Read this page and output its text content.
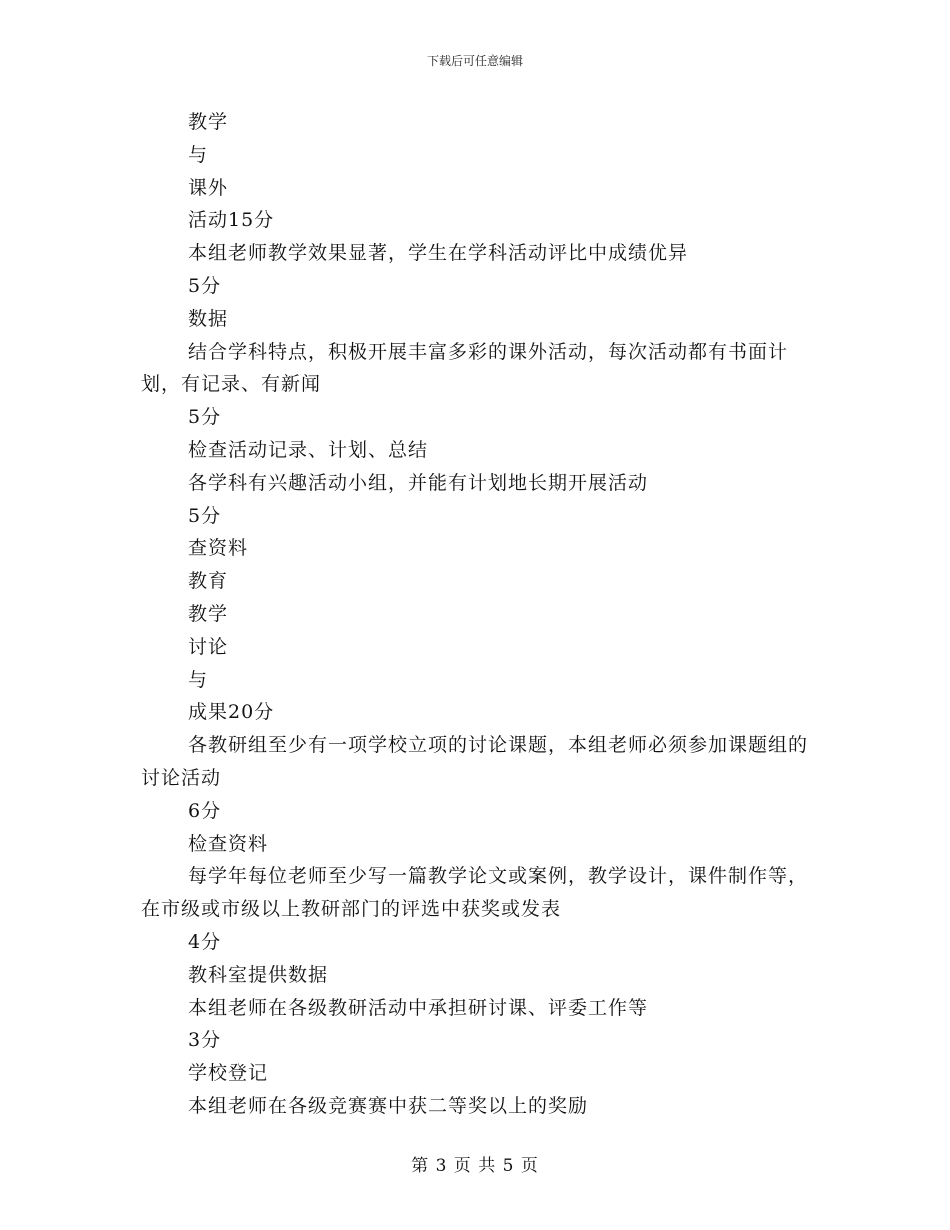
下载后可任意编辑

教学

与

课外

活动15分

本组老师教学效果显著，学生在学科活动评比中成绩优异

5分

数据

结合学科特点，积极开展丰富多彩的课外活动，每次活动都有书面计划，有记录、有新闻

5分

检查活动记录、计划、总结

各学科有兴趣活动小组，并能有计划地长期开展活动

5分

查资料

教育

教学

讨论

与

成果20分

各教研组至少有一项学校立项的讨论课题，本组老师必须参加课题组的讨论活动

6分

检查资料

每学年每位老师至少写一篇教学论文或案例，教学设计，课件制作等，在市级或市级以上教研部门的评选中获奖或发表

4分

教科室提供数据

本组老师在各级教研活动中承担研讨课、评委工作等

3分

学校登记

本组老师在各级竞赛赛中获二等奖以上的奖励

第 3 页 共 5 页
